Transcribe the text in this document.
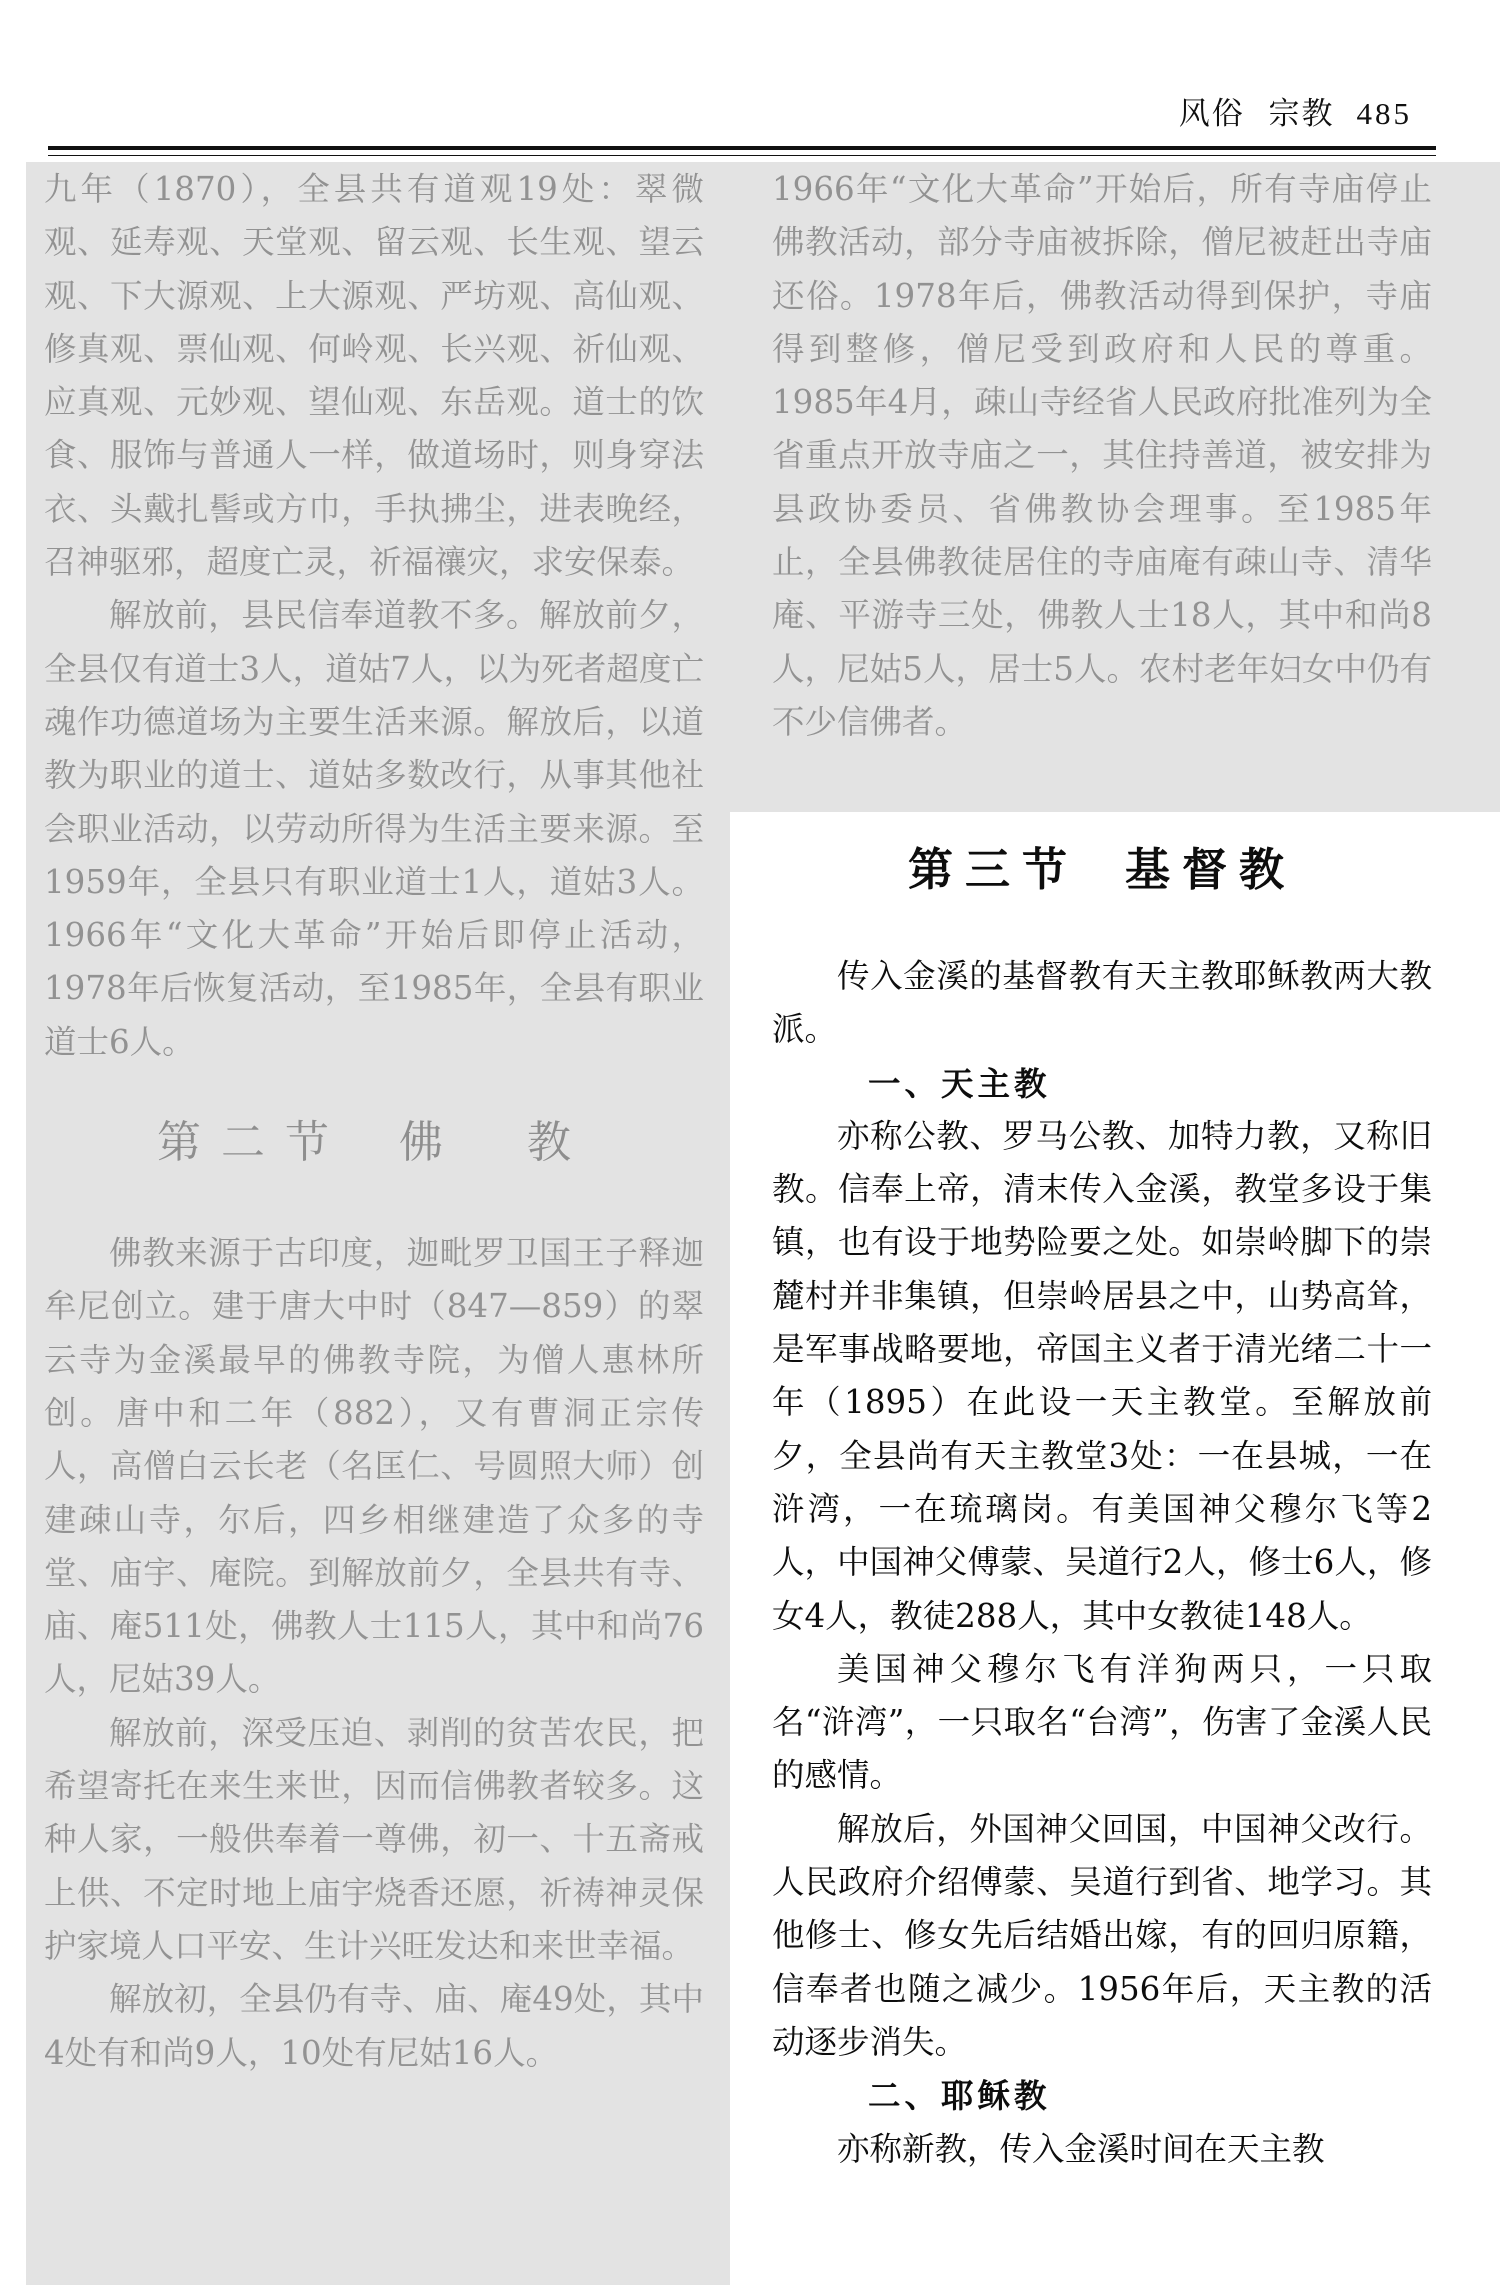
风俗  宗教 485

九年（1870），全县共有道观19处：翠微观、延寿观、天堂观、留云观、长生观、望云观、下大源观、上大源观、严坊观、高仙观、修真观、票仙观、何岭观、长兴观、祈仙观、应真观、元妙观、望仙观、东岳观。道士的饮食、服饰与普通人一样，做道场时，则身穿法衣、头戴扎髻或方巾，手执拂尘，进表晚经，召神驱邪，超度亡灵，祈福禳灾，求安保泰。

解放前，县民信奉道教不多。解放前夕，全县仅有道士3人，道姑7人，以为死者超度亡魂作功德道场为主要生活来源。解放后，以道教为职业的道士、道姑多数改行，从事其他社会职业活动，以劳动所得为生活主要来源。至1959年，全县只有职业道士1人，道姑3人。1966年“文化大革命”开始后即停止活动，1978年后恢复活动，至1985年，全县有职业道士6人。

第二节 佛　教

佛教来源于古印度，迦毗罗卫国王子释迦牟尼创立。建于唐大中时（847—859）的翠云寺为金溪最早的佛教寺院，为僧人惠林所创。唐中和二年（882），又有曹洞正宗传人，高僧白云长老（名匡仁、号圆照大师）创建疎山寺，尔后，四乡相继建造了众多的寺堂、庙宇、庵院。到解放前夕，全县共有寺、庙、庵511处，佛教人士115人，其中和尚76人，尼姑39人。

解放前，深受压迫、剥削的贫苦农民，把希望寄托在来生来世，因而信佛教者较多。这种人家，一般供奉着一尊佛，初一、十五斋戒上供、不定时地上庙宇烧香还愿，祈祷神灵保护家境人口平安、生计兴旺发达和来世幸福。

解放初，全县仍有寺、庙、庵49处，其中4处有和尚9人，10处有尼姑16人。

1966年“文化大革命”开始后，所有寺庙停止佛教活动，部分寺庙被拆除，僧尼被赶出寺庙还俗。1978年后，佛教活动得到保护，寺庙得到整修，僧尼受到政府和人民的尊重。1985年4月，疎山寺经省人民政府批准列为全省重点开放寺庙之一，其住持善道，被安排为县政协委员、省佛教协会理事。至1985年止，全县佛教徒居住的寺庙庵有疎山寺、清华庵、平游寺三处，佛教人士18人，其中和尚8人，尼姑5人，居士5人。农村老年妇女中仍有不少信佛者。

第三节 基督教

传入金溪的基督教有天主教耶稣教两大教派。

一、天主教

亦称公教、罗马公教、加特力教，又称旧教。信奉上帝，清末传入金溪，教堂多设于集镇，也有设于地势险要之处。如崇岭脚下的崇麓村并非集镇，但崇岭居县之中，山势高耸，是军事战略要地，帝国主义者于清光绪二十一年（1895）在此设一天主教堂。至解放前夕，全县尚有天主教堂3处：一在县城，一在浒湾，一在琉璃岗。有美国神父穆尔飞等2人，中国神父傅蒙、吴道行2人，修士6人，修女4人，教徒288人，其中女教徒148人。

美国神父穆尔飞有洋狗两只，一只取名“浒湾”，一只取名“台湾”，伤害了金溪人民的感情。

解放后，外国神父回国，中国神父改行。人民政府介绍傅蒙、吴道行到省、地学习。其他修士、修女先后结婚出嫁，有的回归原籍，信奉者也随之减少。1956年后，天主教的活动逐步消失。

二、耶稣教

亦称新教，传入金溪时间在天主教
